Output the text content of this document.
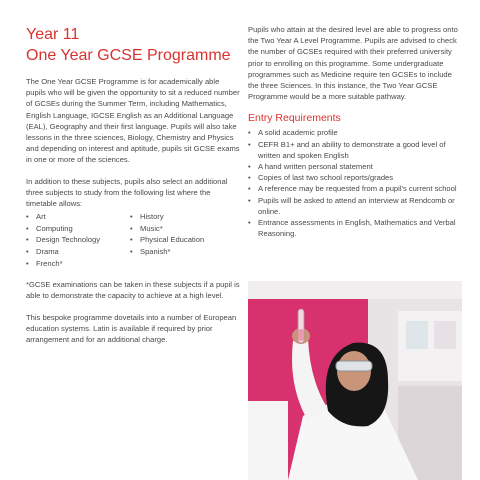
Year 11
One Year GCSE Programme

The One Year GCSE Programme is for academically able pupils who will be given the opportunity to sit a reduced number of GCSEs during the Summer Term, including Mathematics, English Language, IGCSE English as an Additional Language (EAL), Geography and their first language. Pupils will also take lessons in the three sciences, Biology, Chemistry and Physics and depending on interest and aptitude, pupils sit GCSE exams in one or more of the sciences.

In addition to these subjects, pupils also select an additional three subjects to study from the following list where the timetable allows:

• Art
• Computing
• Design Technology
• Drama
• French*
• History
• Music*
• Physical Education
• Spanish*

*GCSE examinations can be taken in these subjects if a pupil is able to demonstrate the capacity to achieve at a high level.

This bespoke programme dovetails into a number of European education systems. Latin is available if required by prior arrangement and for an additional charge.

Pupils who attain at the desired level are able to progress onto the Two Year A Level Programme. Pupils are advised to check the number of GCSEs required with their preferred university prior to enrolling on this programme. Some undergraduate programmes such as Medicine require ten GCSEs to include the three Sciences. In this instance, the Two Year GCSE Programme would be a more suitable pathway.

Entry Requirements
• A solid academic profile
• CEFR B1+ and an ability to demonstrate a good level of written and spoken English
• A hand written personal statement
• Copies of last two school reports/grades
• A reference may be requested from a pupil's current school
• Pupils will be asked to attend an interview at Rendcomb or online.
• Entrance assessments in English, Mathematics and Verbal Reasoning.
